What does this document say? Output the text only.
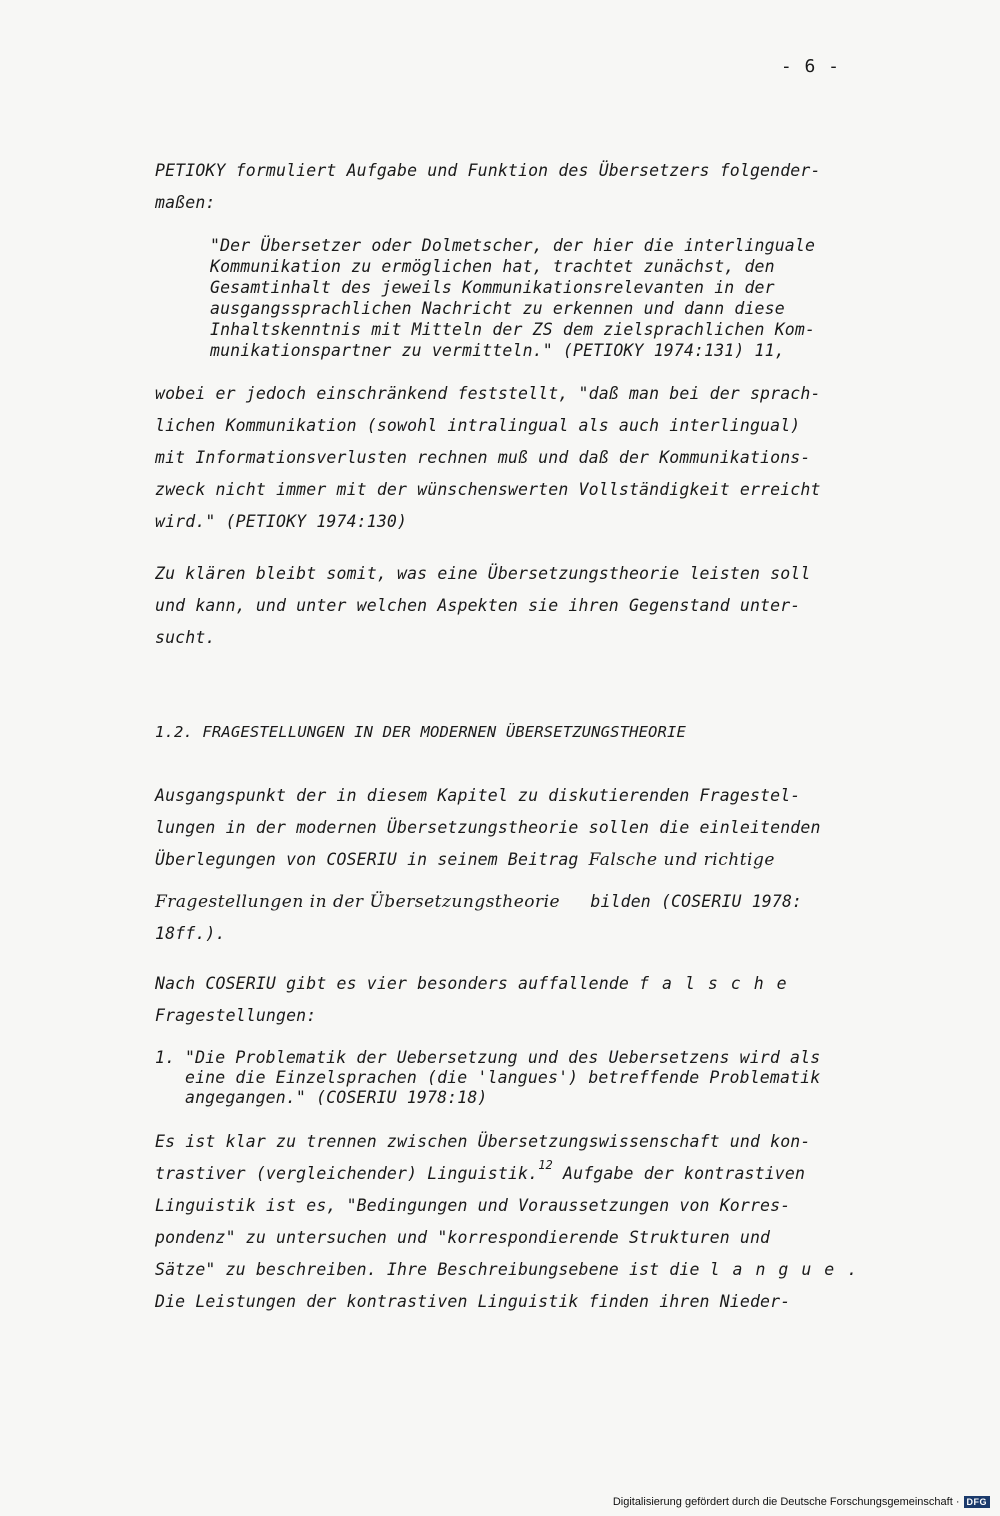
- 6 -
PETIOKY formuliert Aufgabe und Funktion des Übersetzers folgender-
maßen:
"Der Übersetzer oder Dolmetscher, der hier die interlinguale
Kommunikation zu ermöglichen hat, trachtet zunächst, den
Gesamtinhalt des jeweils Kommunikationsrelevanten in der
ausgangssprachlichen Nachricht zu erkennen und dann diese
Inhaltskenntnis mit Mitteln der ZS dem zielsprachlichen Kom-
munikationspartner zu vermitteln." (PETIOKY 1974:131) 11,
wobei er jedoch einschränkend feststellt, "daß man bei der sprach-
lichen Kommunikation (sowohl intralingual als auch interlingual)
mit Informationsverlusten rechnen muß und daß der Kommunikations-
zweck nicht immer mit der wünschenswerten Vollständigkeit erreicht
wird." (PETIOKY 1974:130)
Zu klären bleibt somit, was eine Übersetzungstheorie leisten soll
und kann, und unter welchen Aspekten sie ihren Gegenstand unter-
sucht.
1.2. FRAGESTELLUNGEN IN DER MODERNEN ÜBERSETZUNGSTHEORIE
Ausgangspunkt der in diesem Kapitel zu diskutierenden Fragestel-
lungen in der modernen Übersetzungstheorie sollen die einleitenden
Überlegungen von COSERIU in seinem Beitrag Falsche und richtige
Fragestellungen in der Übersetzungstheorie   bilden (COSERIU 1978:
18ff.).
Nach COSERIU gibt es vier besonders auffallende falsche
Fragestellungen:
1. "Die Problematik der Uebersetzung und des Uebersetzens wird als
eine die Einzelsprachen (die 'langues') betreffende Problematik
angegangen." (COSERIU 1978:18)
Es ist klar zu trennen zwischen Übersetzungswissenschaft und kon-
trastiver (vergleichender) Linguistik.$^{12}$ Aufgabe der kontrastiven
Linguistik ist es, "Bedingungen und Voraussetzungen von Korres-
pondenz" zu untersuchen und "korrespondierende Strukturen und
Sätze" zu beschreiben. Ihre Beschreibungsebene ist die langue.
Die Leistungen der kontrastiven Linguistik finden ihren Nieder-
Digitalisierung gefördert durch die Deutsche Forschungsgemeinschaft · DFG
